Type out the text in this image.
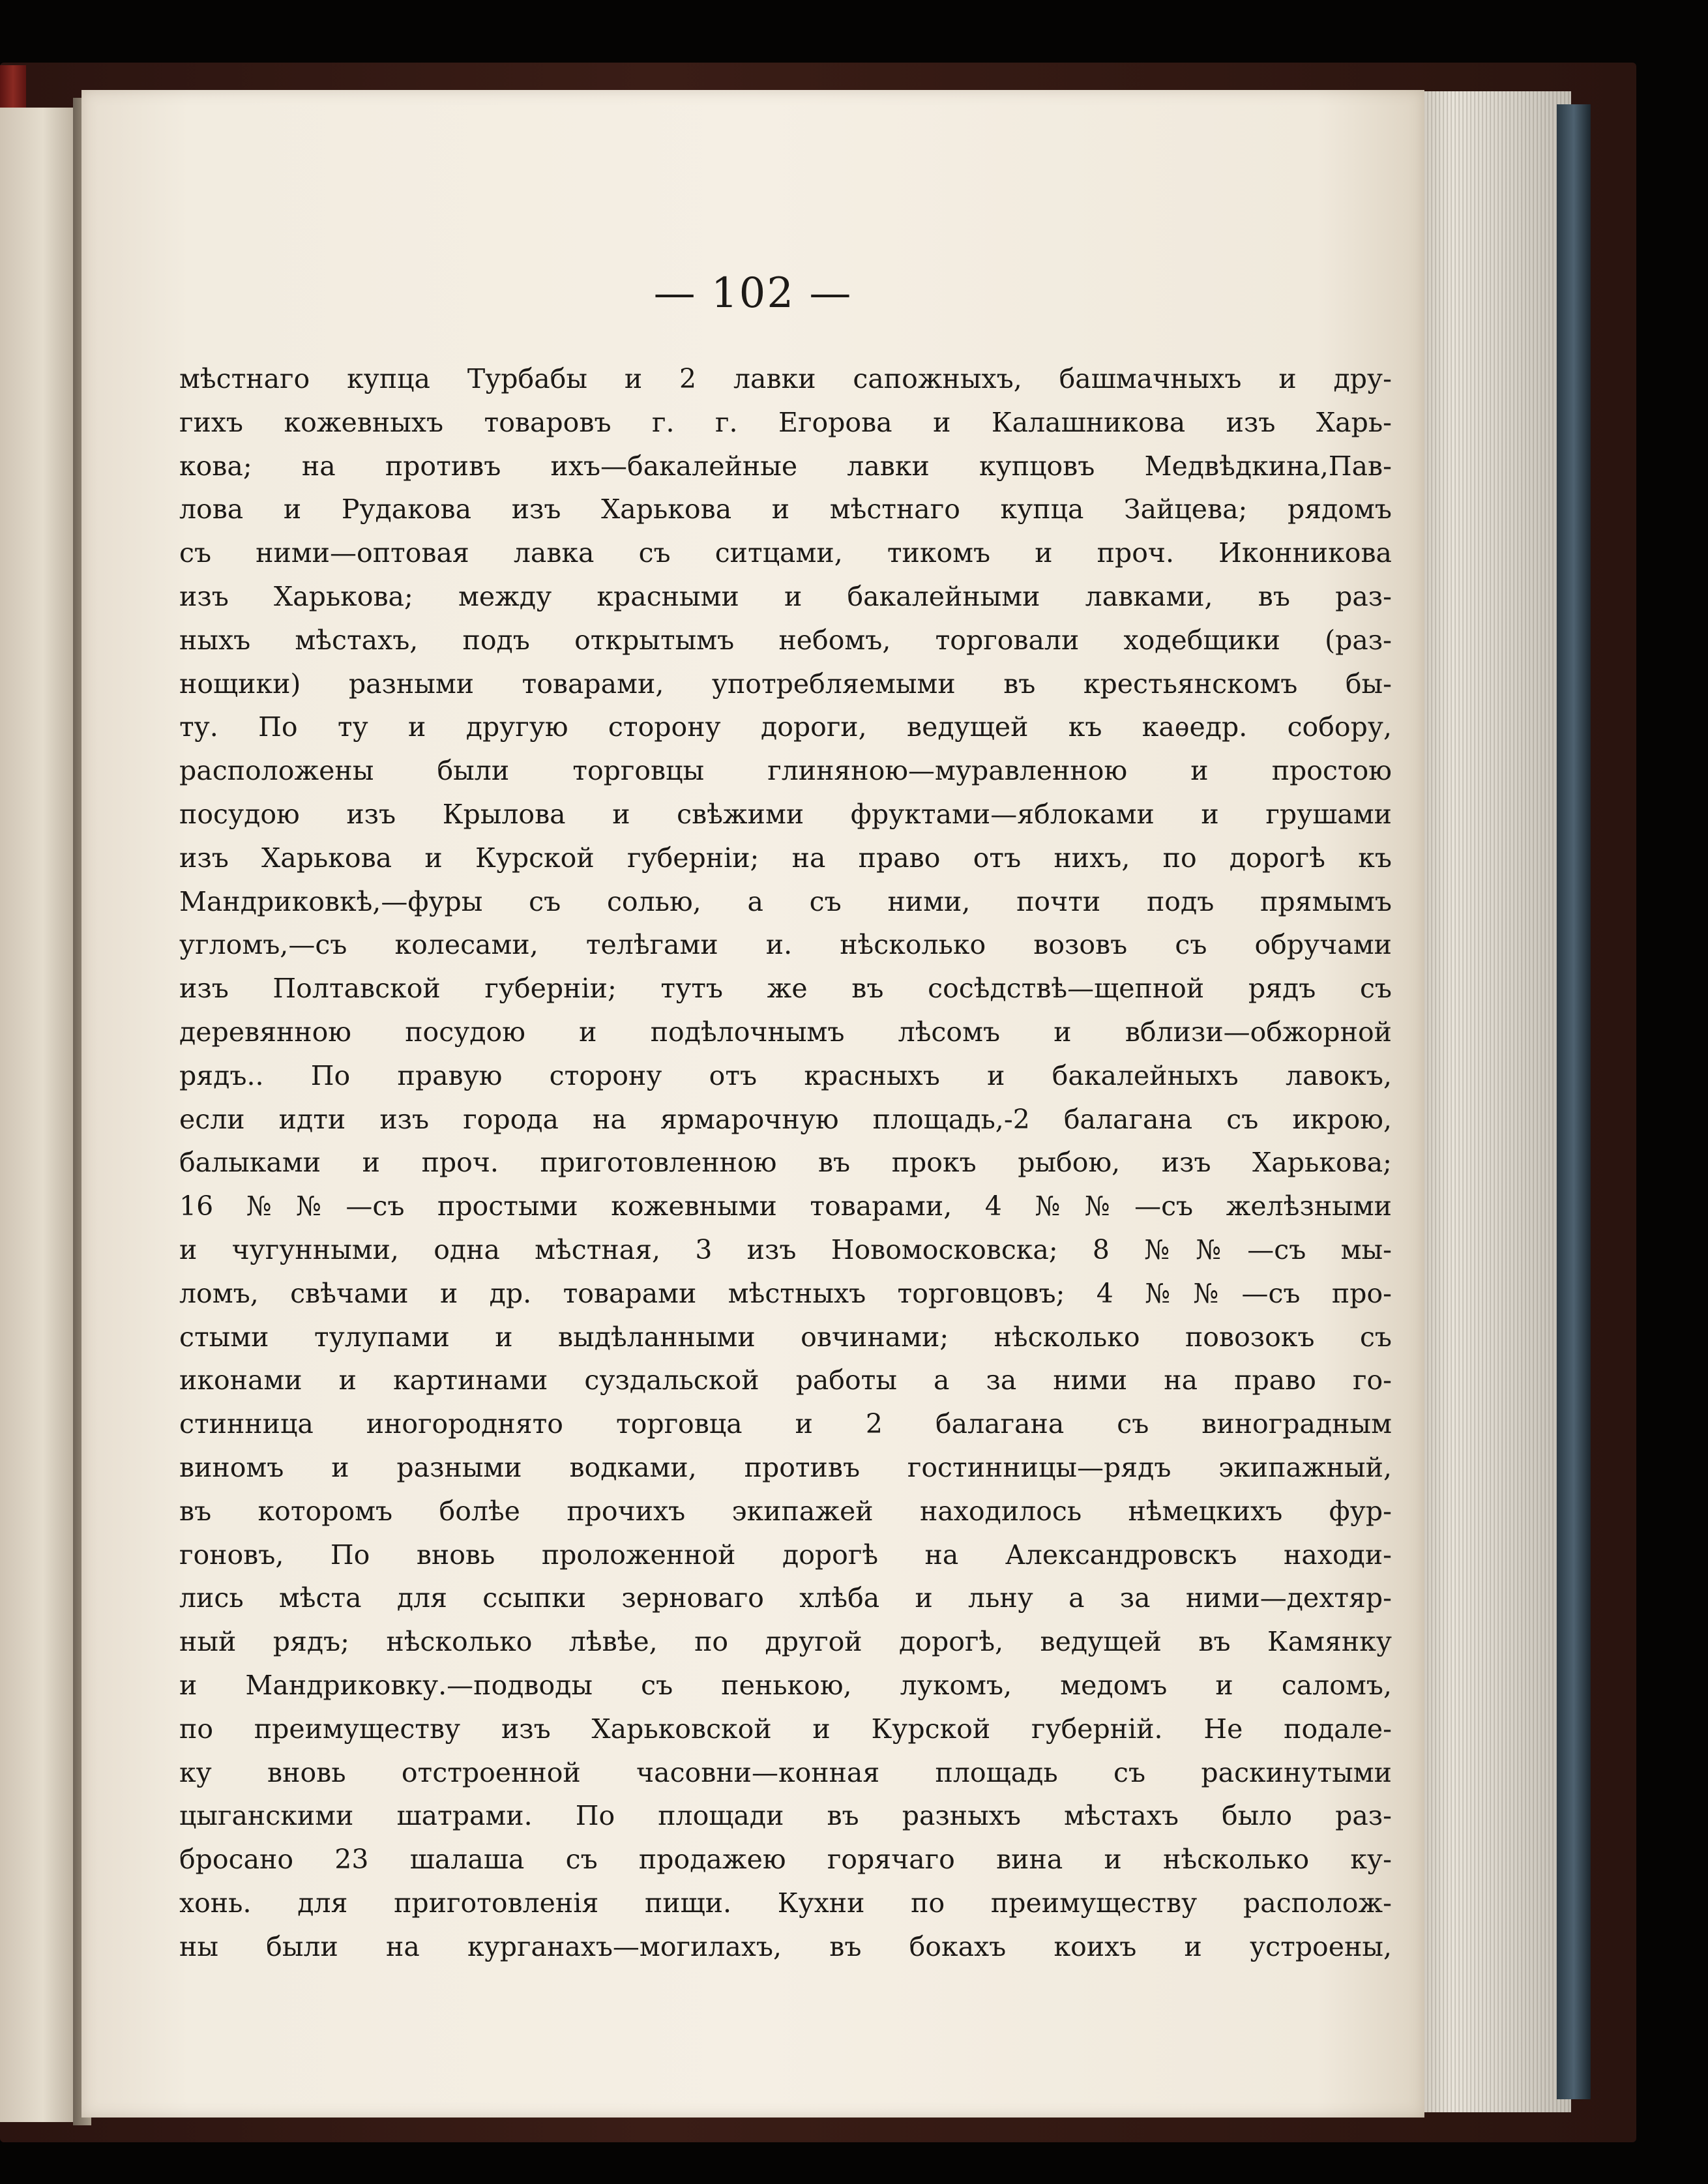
— 102 —
мѣстнаго купца Турбабы и 2 лавки сапожныхъ, башмачныхъ и дру-
гихъ кожевныхъ товаровъ г. г. Егорова и Калашникова изъ Харь-
кова; на противъ ихъ—бакалейные лавки купцовъ Медвѣдкина,Пав-
лова и Рудакова изъ Харькова и мѣстнаго купца Зайцева; рядомъ
съ ними—оптовая лавка съ ситцами, тикомъ и проч. Иконникова
изъ Харькова; между красными и бакалейными лавками, въ раз-
ныхъ мѣстахъ, подъ открытымъ небомъ, торговали ходебщики (раз-
нощики) разными товарами, употребляемыми въ крестьянскомъ бы-
ту. По ту и другую сторону дороги, ведущей къ каѳедр. собору,
расположены были торговцы глиняною—муравленною и простою
посудою изъ Крылова и свѣжими фруктами—яблоками и грушами
изъ Харькова и Курской губерніи; на право отъ нихъ, по дорогѣ къ
Мандриковкѣ,—фуры съ солью, а съ ними, почти подъ прямымъ
угломъ,—съ колесами, телѣгами и. нѣсколько возовъ съ обручами
изъ Полтавской губерніи; тутъ же въ сосѣдствѣ—щепной рядъ съ
деревянною посудою и подѣлочнымъ лѣсомъ и вблизи—обжорной
рядъ.. По правую сторону отъ красныхъ и бакалейныхъ лавокъ,
если идти изъ города на ярмарочную площадь,-2 балагана съ икрою,
балыками и проч. приготовленною въ прокъ рыбою, изъ Харькова;
16 №№—съ простыми кожевными товарами, 4 №№—съ желѣзными
и чугунными, одна мѣстная, 3 изъ Новомосковска; 8 №№—съ мы-
ломъ, свѣчами и др. товарами мѣстныхъ торговцовъ; 4 №№—съ про-
стыми тулупами и выдѣланными овчинами; нѣсколько повозокъ съ
иконами и картинами суздальской работы а за ними на право го-
стинница иногороднято торговца и 2 балагана съ виноградным
виномъ и разными водками, противъ гостинницы—рядъ экипажный,
въ которомъ болѣе прочихъ экипажей находилось нѣмецкихъ фур-
гоновъ, По вновь проложенной дорогѣ на Александровскъ находи-
лись мѣста для ссыпки зерноваго хлѣба и льну а за ними—дехтяр-
ный рядъ; нѣсколько лѣвѣе, по другой дорогѣ, ведущей въ Камянку
и Мандриковку.—подводы съ пенькою, лукомъ, медомъ и саломъ,
по преимуществу изъ Харьковской и Курской губерній. Не подале-
ку вновь отстроенной часовни—конная площадь съ раскинутыми
цыганскими шатрами. По площади въ разныхъ мѣстахъ было раз-
бросано 23 шалаша съ продажею горячаго вина и нѣсколько ку-
хонь. для приготовленія пищи. Кухни по преимуществу располож-
ны были на курганахъ—могилахъ, въ бокахъ коихъ и устроены,
